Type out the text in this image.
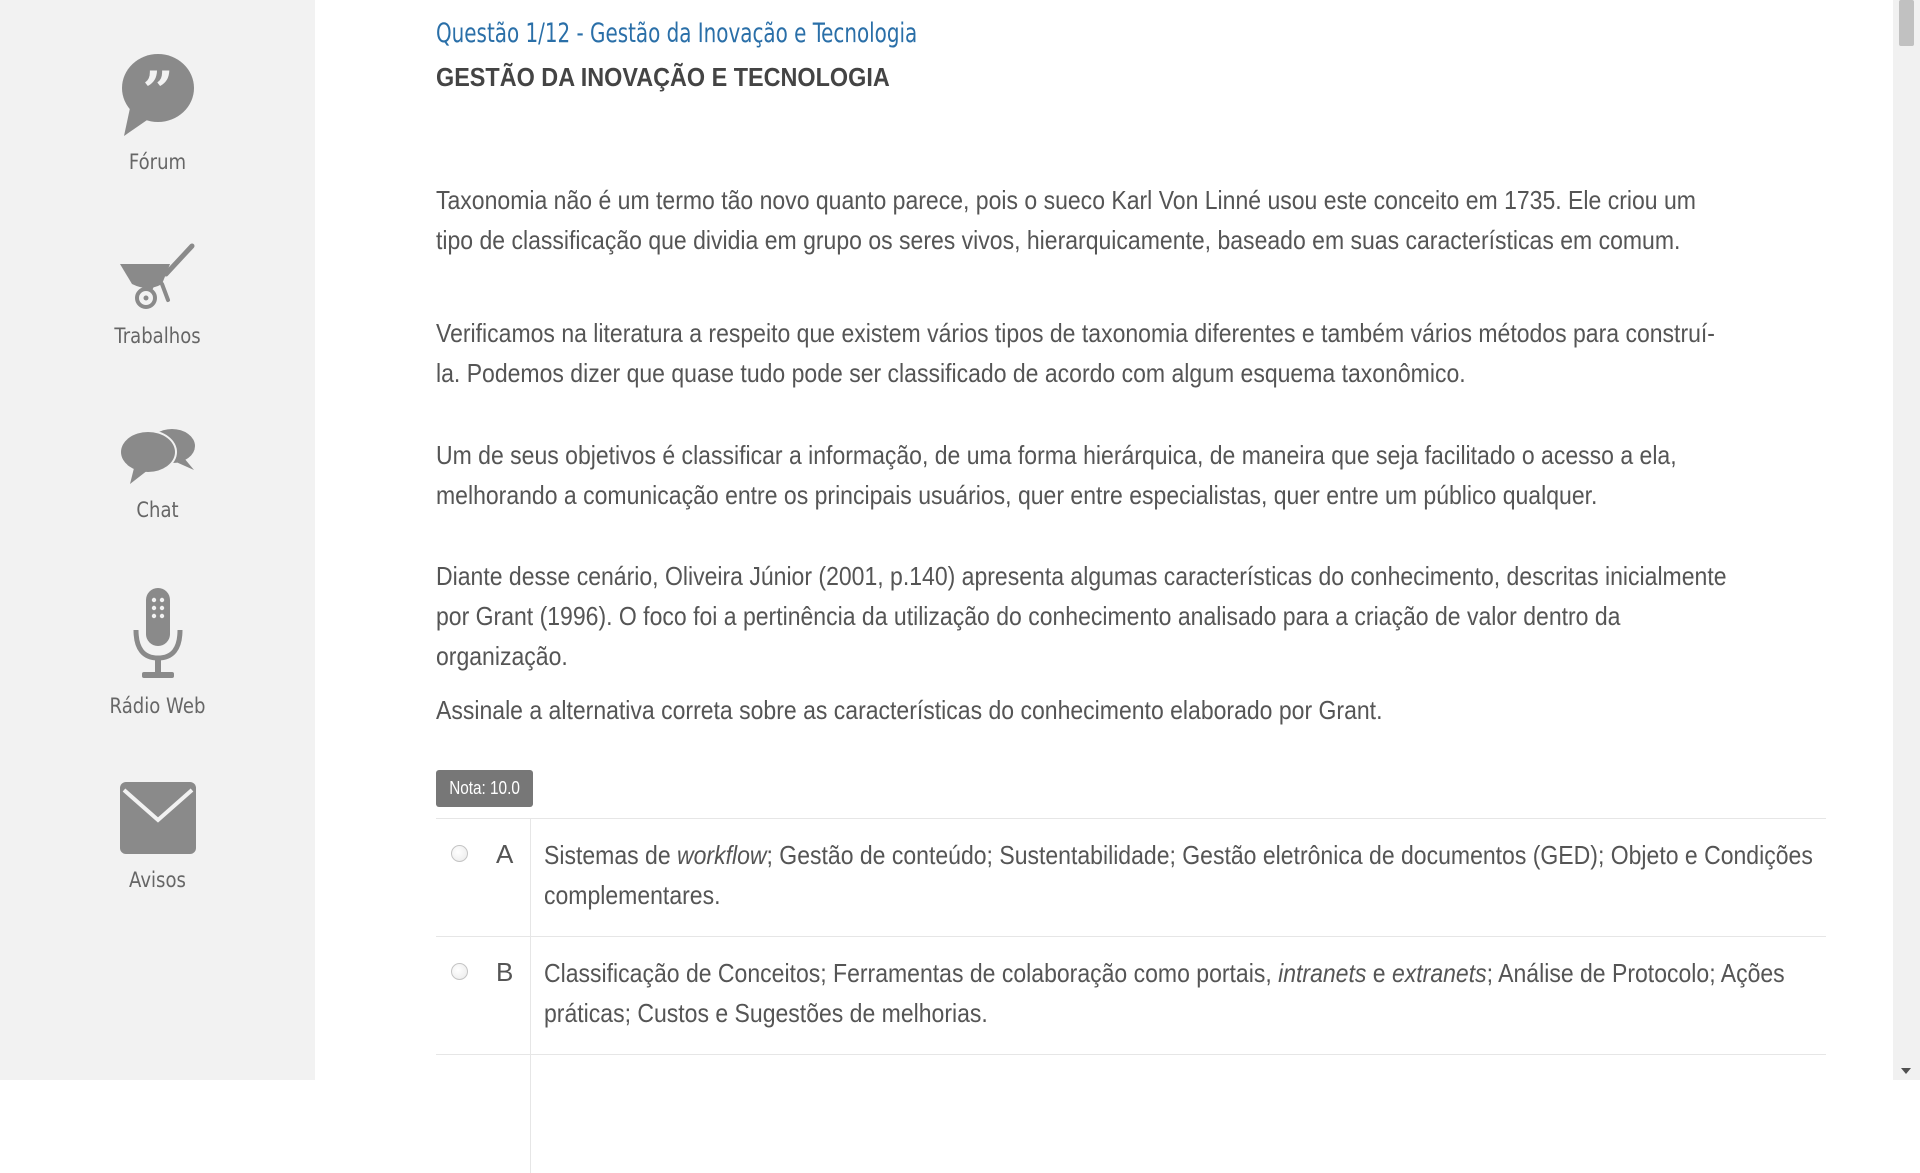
”
Fórum
Trabalhos
Chat
Rádio Web
Avisos
Questão 1/12 - Gestão da Inovação e Tecnologia
GESTÃO DA INOVAÇÃO E TECNOLOGIA

Taxonomia não é um termo tão novo quanto parece, pois o sueco Karl Von Linné usou este conceito em 1735. Ele criou um tipo de classificação que dividia em grupo os seres vivos, hierarquicamente, baseado em suas características em comum.

Verificamos na literatura a respeito que existem vários tipos de taxonomia diferentes e também vários métodos para construí-la. Podemos dizer que quase tudo pode ser classificado de acordo com algum esquema taxonômico.

Um de seus objetivos é classificar a informação, de uma forma hierárquica, de maneira que seja facilitado o acesso a ela, melhorando a comunicação entre os principais usuários, quer entre especialistas, quer entre um público qualquer.

Diante desse cenário, Oliveira Júnior (2001, p.140) apresenta algumas características do conhecimento, descritas inicialmente por Grant (1996). O foco foi a pertinência da utilização do conhecimento analisado para a criação de valor dentro da organização.

Assinale a alternativa correta sobre as características do conhecimento elaborado por Grant.

Nota: 10.0
A Sistemas de workflow; Gestão de conteúdo; Sustentabilidade; Gestão eletrônica de documentos (GED); Objeto e Condições complementares.
B Classificação de Conceitos; Ferramentas de colaboração como portais, intranets e extranets; Análise de Protocolo; Ações práticas; Custos e Sugestões de melhorias.
